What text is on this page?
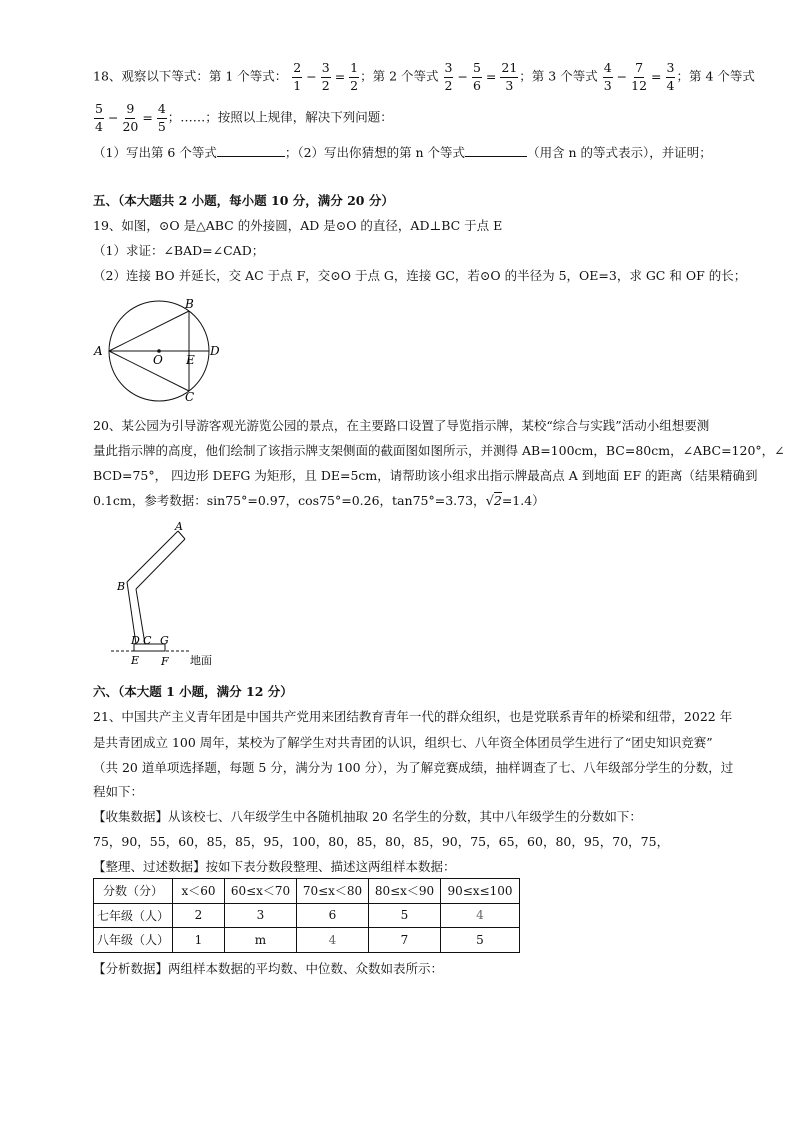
18、观察以下等式：第 1 个等式： $\frac{2}{1} - \frac{3}{2} = \frac{1}{2}$ ；第 2 个等式 $\frac{3}{2} - \frac{5}{6} = \frac{21}{3}$ ；第 3 个等式 $\frac{4}{3} - \frac{7}{12} = \frac{3}{4}$ ；第 4 个等式
$\frac{5}{4} - \frac{9}{20} = \frac{4}{5}$ ；……；按照以上规律，解决下列问题：
（1）写出第 6 个等式	；（2）写出你猜想的第 n 个等式	（用含 n 的等式表示），并证明；
五、（本大题共 2 小题，每小题 10 分，满分 20 分）
19、如图，⊙O 是△ABC 的外接圆，AD 是⊙O 的直径，AD⊥BC 于点 E
（1）求证：∠BAD=∠CAD；
（2）连接 BO 并延长，交 AC 于点 F，交⊙O 于点 G，连接 GC，若⊙O 的半径为 5，OE=3，求 GC 和 OF 的长；
A
B
C
D
O E
20、某公园为引导游客观光游览公园的景点，在主要路口设置了导览指示牌，某校“综合与实践”活动小组想要测
量此指示牌的高度，他们绘制了该指示牌支架侧面的截面图如图所示，并测得 AB=100cm，BC=80cm，∠ABC=120°，∠
BCD=75°， 四边形 DEFG 为矩形，且 DE=5cm，请帮助该小组求出指示牌最高点 A 到地面 EF 的距离（结果精确到
0.1cm，参考数据：sin75°=0.97，cos75°=0.26，tan75°=3.73，√2=1.4）
A
B
D C G
E F 地面
六、（本大题 1 小题，满分 12 分）
21、中国共产主义青年团是中国共产党用来团结教育青年一代的群众组织，也是党联系青年的桥梁和纽带，2022 年
是共青团成立 100 周年，某校为了解学生对共青团的认识，组织七、八年资全体团员学生进行了“团史知识竞赛”
（共 20 道单项选择题，每题 5 分，满分为 100 分），为了解竞赛成绩，抽样调查了七、八年级部分学生的分数，过
程如下：
【收集数据】从该校七、八年级学生中各随机抽取 20 名学生的分数，其中八年级学生的分数如下：
75，90，55，60，85，85，95，100，80，85，80，85，90，75，65，60，80，95，70，75，
【整理、过述数据】按如下表分数段整理、描述这两组样本数据：
分数（分）	x＜60	60≤x＜70	70≤x＜80	80≤x＜90	90≤x≤100
七年级（人）	2	3	6	5	4
八年级（人）	1	m	4	7	5
【分析数据】两组样本数据的平均数、中位数、众数如表所示：
